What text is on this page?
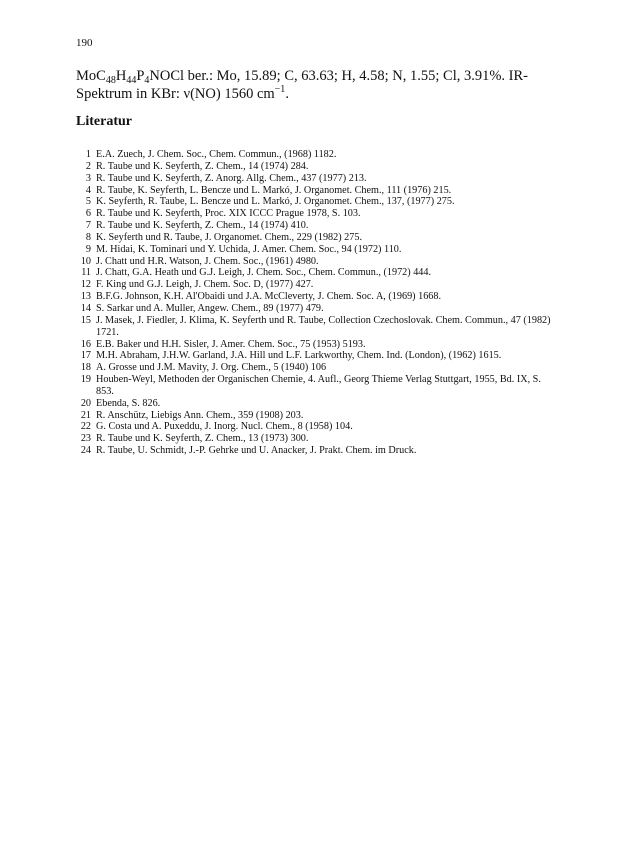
190

$MoC_{48}H_{44}P_4NOCl$ ber.: Mo, 15.89; C, 63.63; H, 4.58; N, 1.55; Cl, 3.91%. IR-Spektrum in KBr: ν(NO) 1560 $cm^{-1}$.

Literatur
1 E.A. Zuech, J. Chem. Soc., Chem. Commun., (1968) 1182.
2 R. Taube und K. Seyferth, Z. Chem., 14 (1974) 284.
3 R. Taube und K. Seyferth, Z. Anorg. Allg. Chem., 437 (1977) 213.
4 R. Taube, K. Seyferth, L. Bencze und L. Markó, J. Organomet. Chem., 111 (1976) 215.
5 K. Seyferth, R. Taube, L. Bencze und L. Markó, J. Organomet. Chem., 137, (1977) 275.
6 R. Taube und K. Seyferth, Proc. XIX ICCC Prague 1978, S. 103.
7 R. Taube und K. Seyferth, Z. Chem., 14 (1974) 410.
8 K. Seyferth und R. Taube, J. Organomet. Chem., 229 (1982) 275.
9 M. Hidai, K. Tominari und Y. Uchida, J. Amer. Chem. Soc., 94 (1972) 110.
10 J. Chatt und H.R. Watson, J. Chem. Soc., (1961) 4980.
11 J. Chatt, G.A. Heath und G.J. Leigh, J. Chem. Soc., Chem. Commun., (1972) 444.
12 F. King und G.J. Leigh, J. Chem. Soc. D, (1977) 427.
13 B.F.G. Johnson, K.H. Al'Obaidi und J.A. McCleverty, J. Chem. Soc. A, (1969) 1668.
14 S. Sarkar und A. Muller, Angew. Chem., 89 (1977) 479.
15 J. Masek, J. Fiedler, J. Klima, K. Seyferth und R. Taube, Collection Czechoslovak. Chem. Commun., 47 (1982) 1721.
16 E.B. Baker und H.H. Sisler, J. Amer. Chem. Soc., 75 (1953) 5193.
17 M.H. Abraham, J.H.W. Garland, J.A. Hill und L.F. Larkworthy, Chem. Ind. (London), (1962) 1615.
18 A. Grosse und J.M. Mavity, J. Org. Chem., 5 (1940) 106
19 Houben-Weyl, Methoden der Organischen Chemie, 4. Aufl., Georg Thieme Verlag Stuttgart, 1955, Bd. IX, S. 853.
20 Ebenda, S. 826.
21 R. Anschütz, Liebigs Ann. Chem., 359 (1908) 203.
22 G. Costa und A. Puxeddu, J. Inorg. Nucl. Chem., 8 (1958) 104.
23 R. Taube und K. Seyferth, Z. Chem., 13 (1973) 300.
24 R. Taube, U. Schmidt, J.-P. Gehrke und U. Anacker, J. Prakt. Chem. im Druck.
